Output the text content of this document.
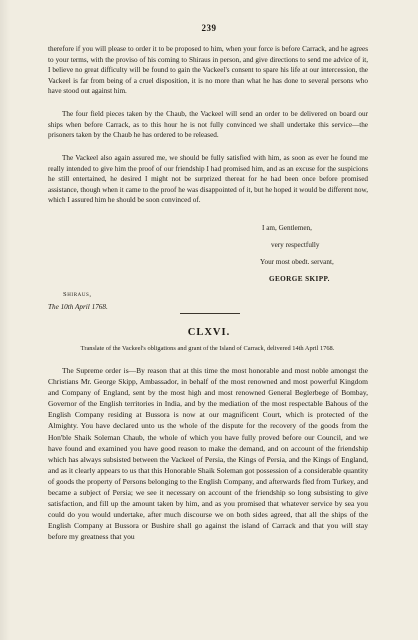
239

therefore if you will please to order it to be proposed to him, when your force is before Carrack, and he agrees to your terms, with the proviso of his coming to Shiraus in person, and give directions to send me advice of it, I believe no great difficulty will be found to gain the Vackeel's consent to spare his life at our intercession, the Vackeel is far from being of a cruel disposition, it is no more than what he has done to several persons who have stood out against him.

The four field pieces taken by the Chaub, the Vackeel will send an order to be delivered on board our ships when before Carrack, as to this hour he is not fully convinced we shall undertake this service—the prisoners taken by the Chaub he has ordered to be released.

The Vackeel also again assured me, we should be fully satisfied with him, as soon as ever he found me really intended to give him the proof of our friendship I had promised him, and as an excuse for the suspicions he still entertained, he desired I might not be surprized thereat for he had been once before promised assistance, though when it came to the proof he was disappointed of it, but he hoped it would be different now, which I assured him he should be soon convinced of.

I am, Gentlemen,
very respectfully
Your most obedt. servant,
GEORGE SKIPP.
Shiraus,
The 10th April 1768.
CLXVI.
Translate of the Vackeel's obligations and grant of the Island of Carrack, delivered 14th April 1768.

The Supreme order is—By reason that at this time the most honorable and most noble amongst the Christians Mr. George Skipp, Ambassador, in behalf of the most renowned and most powerful Kingdom and Company of England, sent by the most high and most renowned General Beglerbege of Bombay, Governor of the English territories in India, and by the mediation of the most respectable Bahous of the English Company residing at Bussora is now at our magnificent Court, which is protected of the Almighty. You have declared unto us the whole of the dispute for the recovery of the goods from the Hon'ble Shaik Soleman Chaub, the whole of which you have fully proved before our Council, and we have found and examined you have good reason to make the demand, and on account of the friendship which has always subsisted between the Vackeel of Persia, the Kings of Persia, and the Kings of England, and as it clearly appears to us that this Honorable Shaik Soleman got possession of a considerable quantity of goods the property of Persons belonging to the English Company, and afterwards fled from Turkey, and became a subject of Persia; we see it necessary on account of the friendship so long subsisting to give satisfaction, and fill up the amount taken by him, and as you promised that whatever service by sea you could do you would undertake, after much discourse we on both sides agreed, that all the ships of the English Company at Bussora or Bushire shall go against the island of Carrack and that you will stay before my greatness that you
